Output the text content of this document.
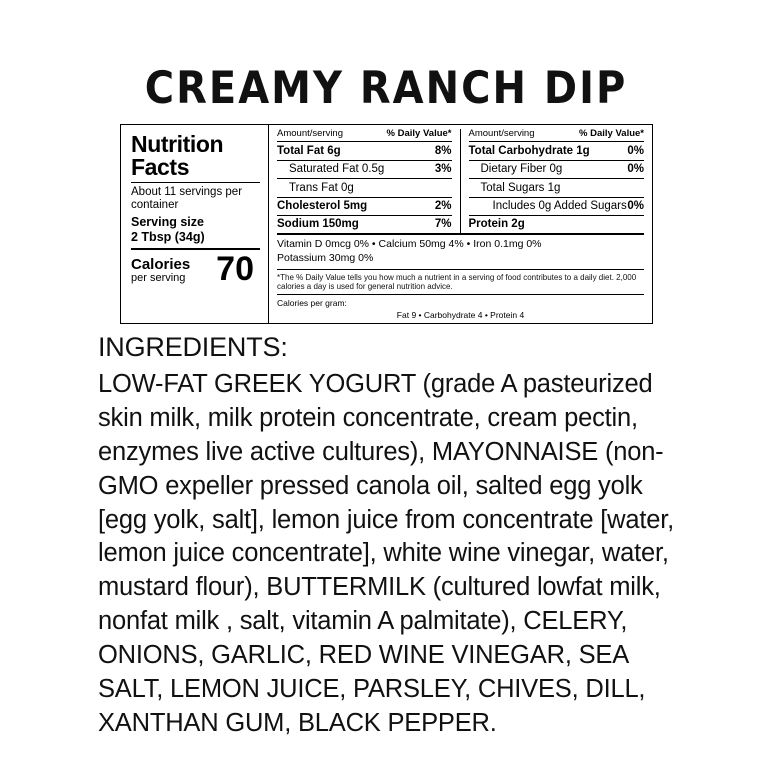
CREAMY RANCH DIP
Nutrition Facts
About 11 servings per container
Serving size
2 Tbsp (34g)
Calories
per serving 70
Amount/serving	% Daily Value*
Total Fat 6g	8%
Saturated Fat 0.5g	3%
Trans Fat 0g
Cholesterol 5mg	2%
Sodium 150mg	7%
Amount/serving	% Daily Value*
Total Carbohydrate 1g	0%
Dietary Fiber 0g	0%
Total Sugars 1g
Includes 0g Added Sugars 0%
Protein 2g
Vitamin D 0mcg 0% • Calcium 50mg 4% • Iron 0.1mg 0%
Potassium 30mg 0%
*The % Daily Value tells you how much a nutrient in a serving of food contributes to a daily diet. 2,000 calories a day is used for general nutrition advice.
Calories per gram:
Fat 9 • Carbohydrate 4 • Protein 4
INGREDIENTS:
LOW-FAT GREEK YOGURT (grade A pasteurized skin milk, milk protein concentrate, cream pectin, enzymes live active cultures), MAYONNAISE (non-GMO expeller pressed canola oil, salted egg yolk [egg yolk, salt], lemon juice from concentrate [water, lemon juice concentrate], white wine vinegar, water, mustard flour), BUTTERMILK (cultured lowfat milk, nonfat milk , salt, vitamin A palmitate), CELERY, ONIONS, GARLIC, RED WINE VINEGAR, SEA SALT, LEMON JUICE, PARSLEY, CHIVES, DILL, XANTHAN GUM, BLACK PEPPER.
